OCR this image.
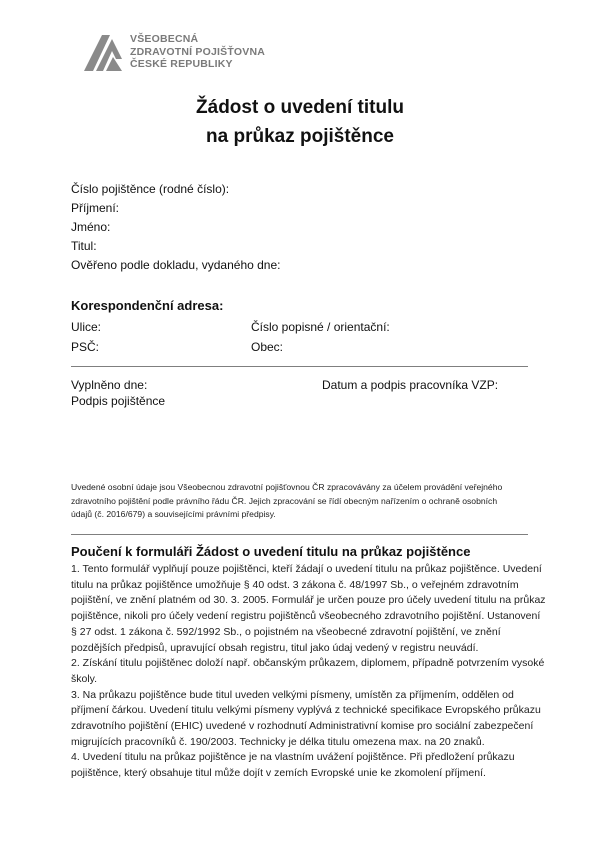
VŠEOBECNÁ
ZDRAVOTNÍ POJIŠŤOVNA
ČESKÉ REPUBLIKY
Žádost o uvedení titulu
na průkaz pojištěnce
Číslo pojištěnce (rodné číslo):
Příjmení:
Jméno:
Titul:
Ověřeno podle dokladu, vydaného dne:
Korespondenční adresa:
Ulice:
PSČ:
Číslo popisné / orientační:
Obec:
Vyplněno dne:
Podpis pojištěnce
Datum a podpis pracovníka VZP:
Uvedené osobní údaje jsou Všeobecnou zdravotní pojišťovnou ČR zpracovávány za účelem provádění veřejného
zdravotního pojištění podle právního řádu ČR. Jejich zpracování se řídí obecným nařízením o ochraně osobních
údajů (č. 2016/679) a souvisejícími právními předpisy.
Poučení k formuláři Žádost o uvedení titulu na průkaz pojištěnce
1. Tento formulář vyplňují pouze pojištěnci, kteří žádají o uvedení titulu na průkaz pojištěnce. Uvedení
titulu na průkaz pojištěnce umožňuje § 40 odst. 3 zákona č. 48/1997 Sb., o veřejném zdravotním
pojištění, ve znění platném od 30. 3. 2005. Formulář je určen pouze pro účely uvedení titulu na průkaz
pojištěnce, nikoli pro účely vedení registru pojištěnců všeobecného zdravotního pojištění. Ustanovení
§ 27 odst. 1 zákona č. 592/1992 Sb., o pojistném na všeobecné zdravotní pojištění, ve znění
pozdějších předpisů, upravující obsah registru, titul jako údaj vedený v registru neuvádí.
2. Získání titulu pojištěnec doloží např. občanským průkazem, diplomem, případně potvrzením vysoké
školy.
3. Na průkazu pojištěnce bude titul uveden velkými písmeny, umístěn za příjmením, oddělen od
příjmení čárkou. Uvedení titulu velkými písmeny vyplývá z technické specifikace Evropského průkazu
zdravotního pojištění (EHIC) uvedené v rozhodnutí Administrativní komise pro sociální zabezpečení
migrujících pracovníků č. 190/2003. Technicky je délka titulu omezena max. na 20 znaků.
4. Uvedení titulu na průkaz pojištěnce je na vlastním uvážení pojištěnce. Při předložení průkazu
pojištěnce, který obsahuje titul může dojít v zemích Evropské unie ke zkomolení příjmení.
